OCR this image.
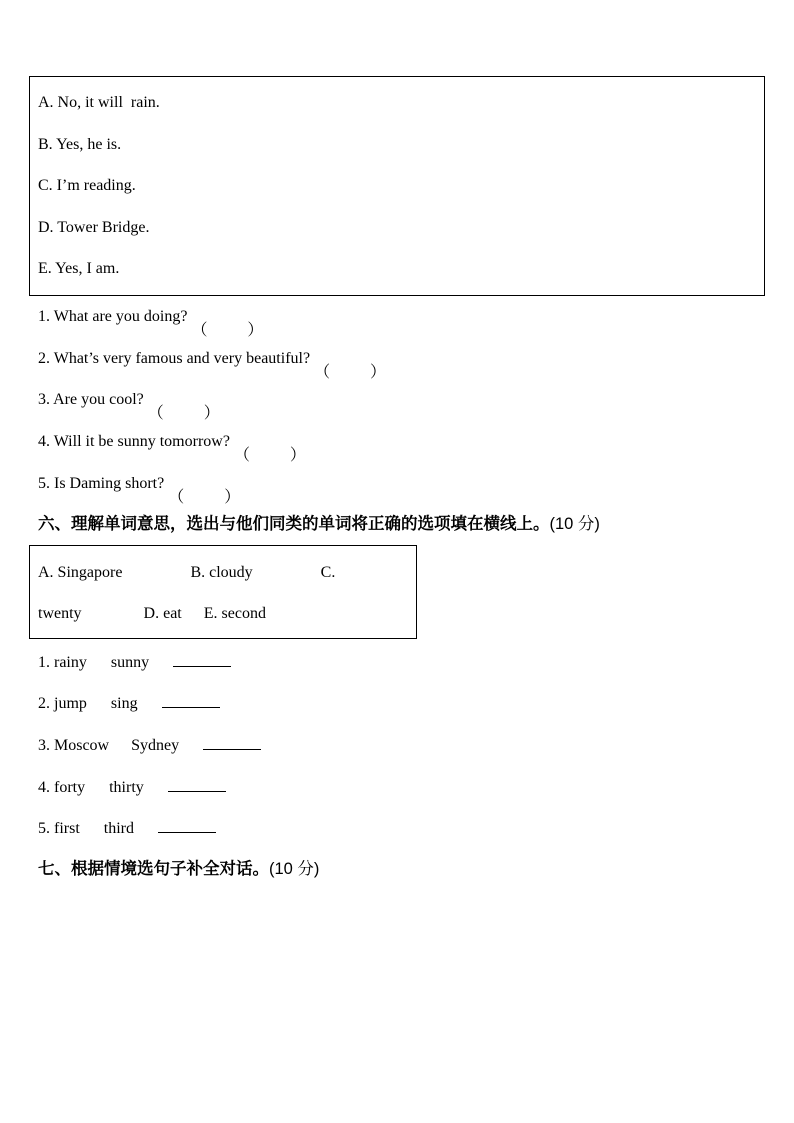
A. No, it will  rain.
B. Yes, he is.
C. I’m reading.
D. Tower Bridge.
E. Yes, I am.
1. What are you doing?
2. What’s very famous and very beautiful?
3. Are you cool?
4. Will it be sunny tomorrow?
5. Is Daming short?
六、理解单词意思，选出与他们同类的单词将正确的选项填在横线上。(10 分)
A. Singapore	B. cloudy	C.
twenty	D. eat E. second
1. rainy sunny
2. jump sing
3. Moscow Sydney
4. forty thirty
5. first third
七、根据情境选句子补全对话。(10 分)
